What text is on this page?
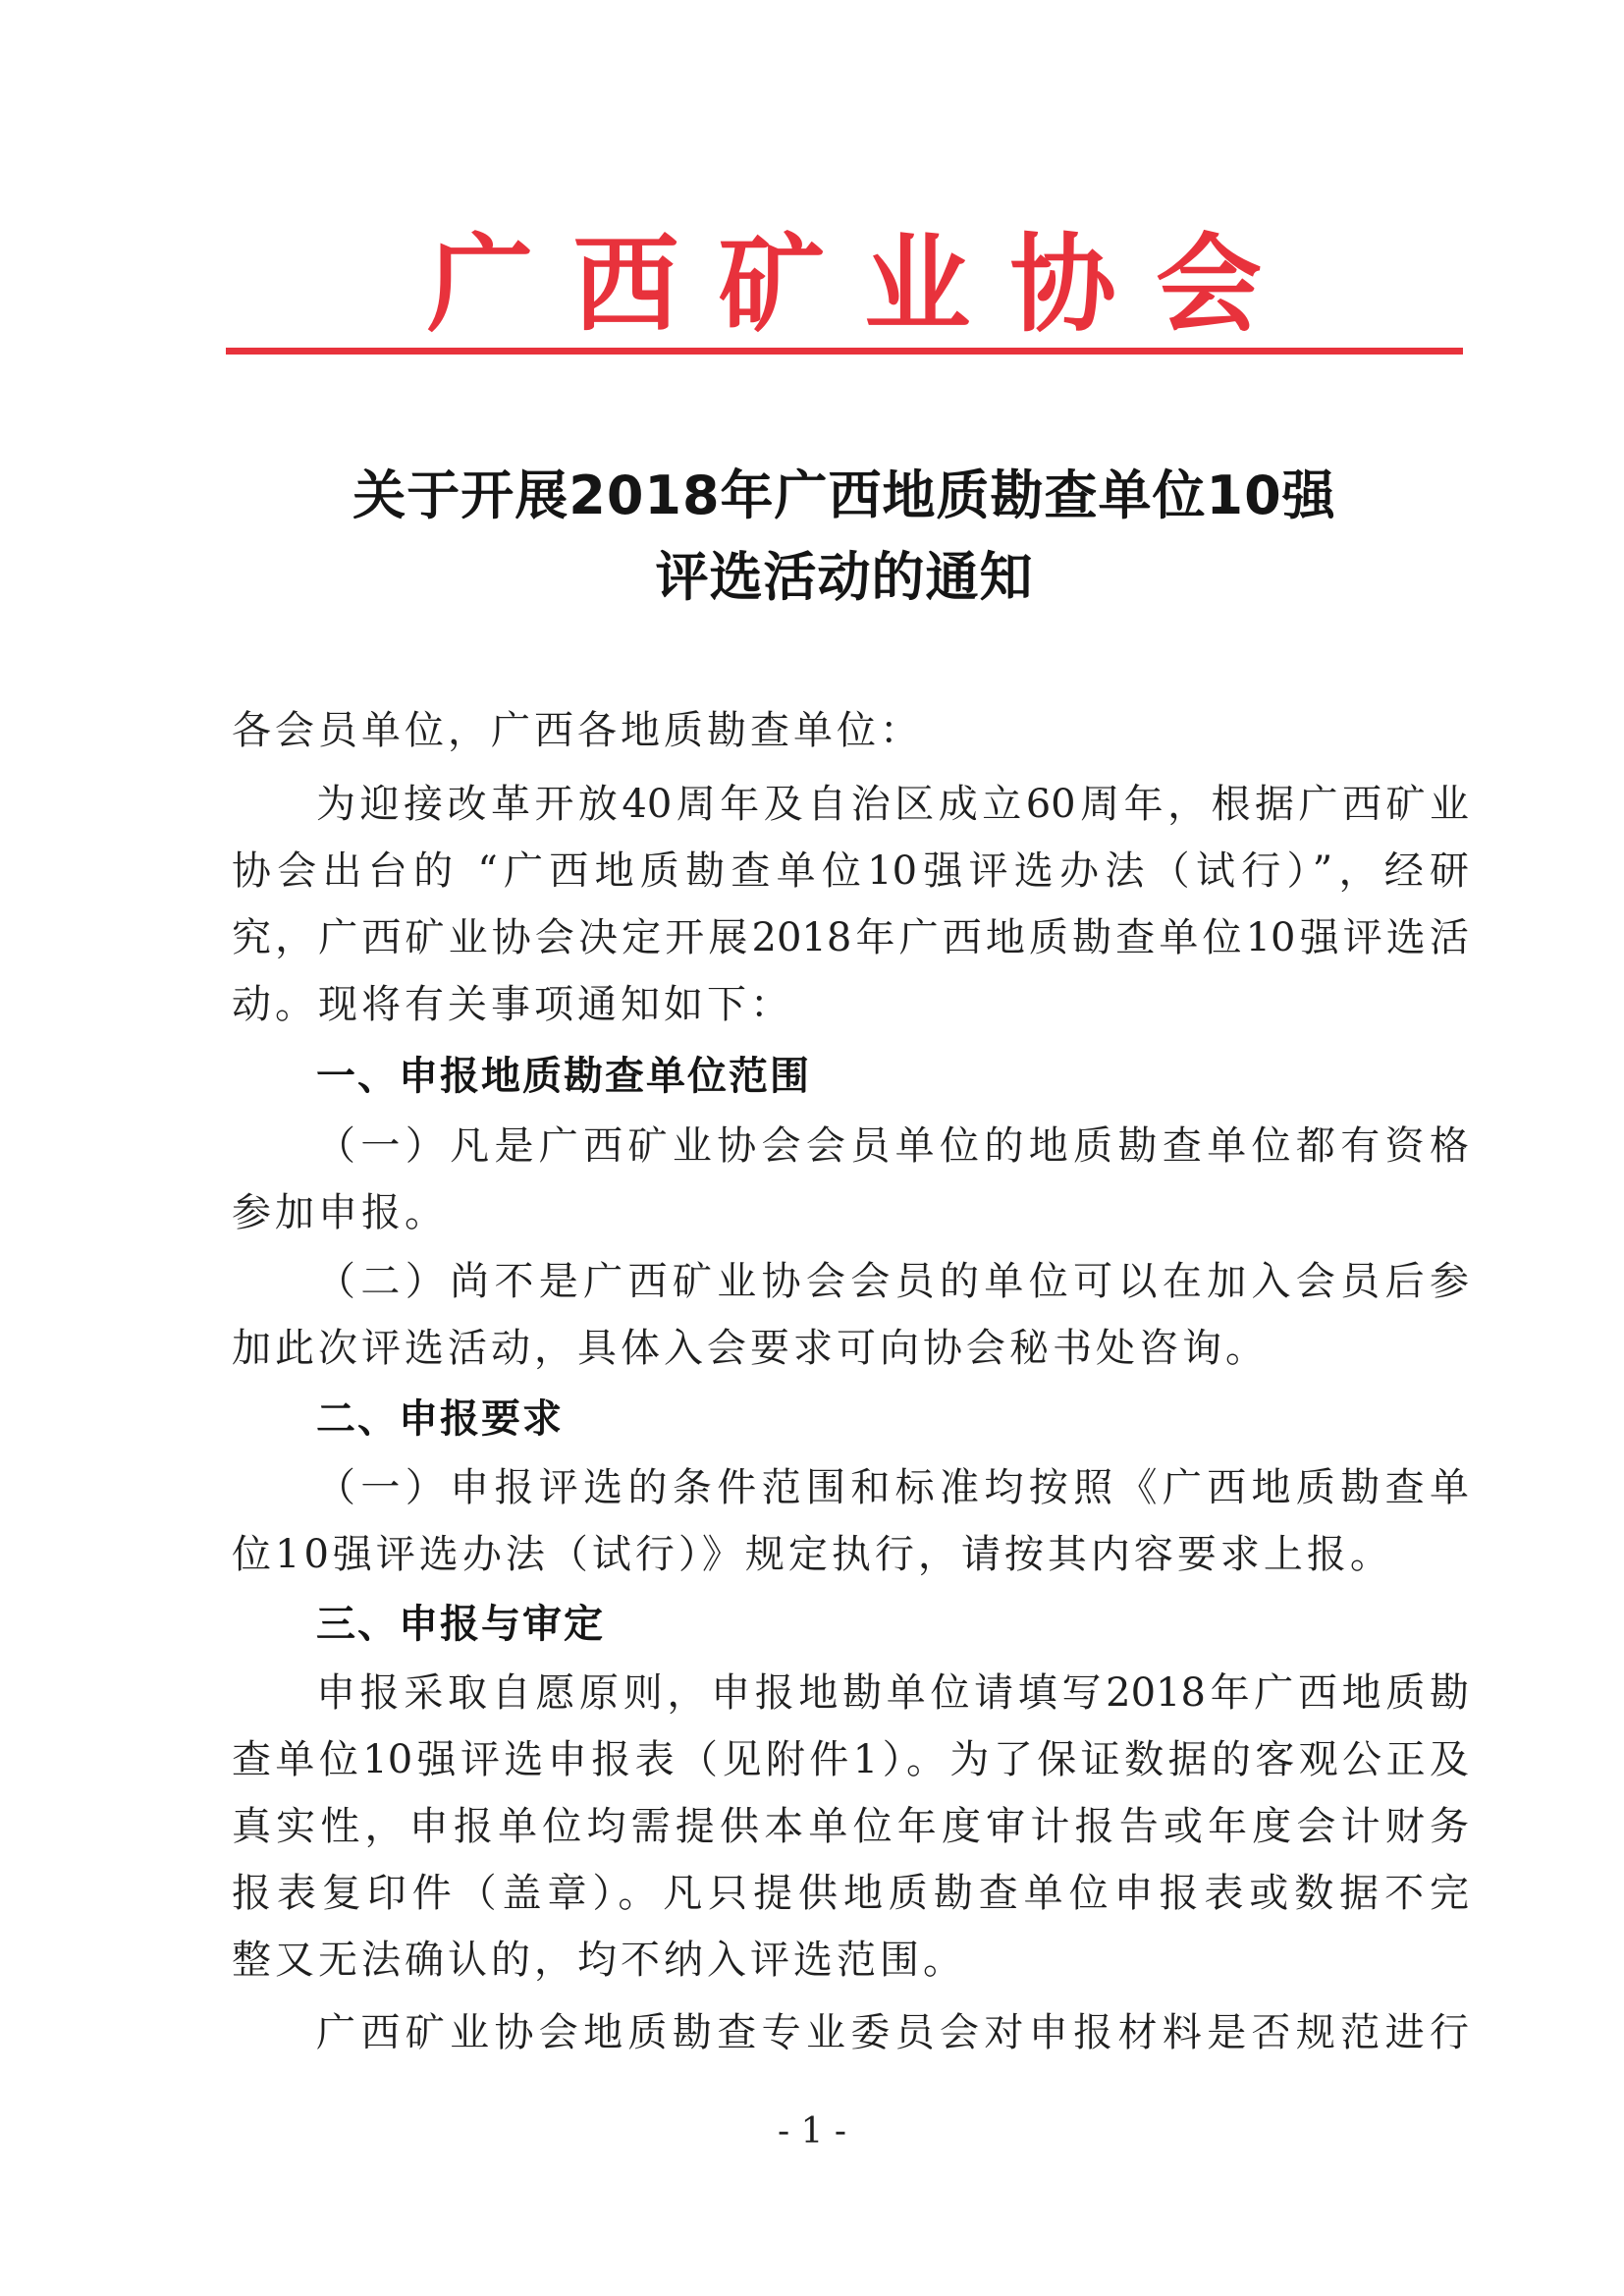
广 西 矿 业 协 会
关于开展2018年广西地质勘查单位10强
评选活动的通知
各会员单位，广西各地质勘查单位：
为迎接改革开放40周年及自治区成立60周年，根据广西矿业
协会出台的 “广西地质勘查单位10强评选办法（试行）”，经研
究，广西矿业协会决定开展2018年广西地质勘查单位10强评选活
动。现将有关事项通知如下：
一、申报地质勘查单位范围
（一）凡是广西矿业协会会员单位的地质勘查单位都有资格
参加申报。
（二）尚不是广西矿业协会会员的单位可以在加入会员后参
加此次评选活动，具体入会要求可向协会秘书处咨询。
二、申报要求
（一）申报评选的条件范围和标准均按照《广西地质勘查单
位10强评选办法（试行）》规定执行，请按其内容要求上报。
三、申报与审定
申报采取自愿原则，申报地勘单位请填写2018年广西地质勘
查单位10强评选申报表（见附件1）。为了保证数据的客观公正及
真实性，申报单位均需提供本单位年度审计报告或年度会计财务
报表复印件（盖章）。凡只提供地质勘查单位申报表或数据不完
整又无法确认的，均不纳入评选范围。
广西矿业协会地质勘查专业委员会对申报材料是否规范进行
- 1 -
